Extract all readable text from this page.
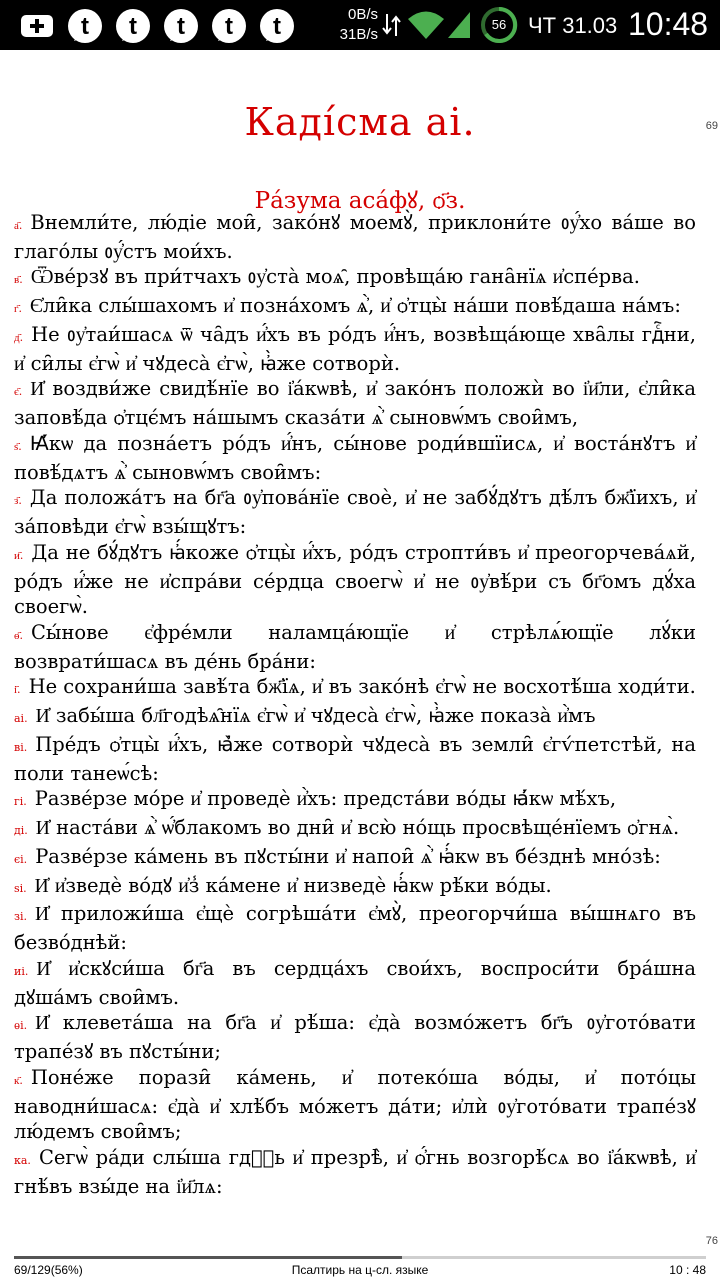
t t t t t	0B/s
31B/s
56 ЧТ 31.03 10:48
Каді́сма аі.	69
Ра́зума аса́фꙋ, ѻ҃з.

а҃. Внемли́те, лю́діе мои̑, зако́нꙋ моемꙋ̀, приклони́те ᲂу҆́хо ва́ше во глаго́лы ᲂу҆́стъ мои́хъ.

в҃. Ѿве́рзꙋ въ при́тчахъ ᲂу҆ста̀ моѧ̑, провѣща́ю гана̑нїѧ и҆спе́рва.

г҃. Є҆ли̑ка слы́шахомъ и҆ позна́хомъ ѧ҆̀, и҆ ѻ҆тцы̀ на́ши повѣ́даша на́мъ:

д҃. Не ᲂу҆таи́шасѧ ѿ ча̑дъ и҆́хъ въ ро́дъ и҆́нъ, возвѣща́юще хва̑лы гдⷭ҇ни, и҆ си̑лы є҆гѡ̀ и҆ чꙋдеса̀ є҆гѡ̀, ꙗ҆̀же сотворѝ.

є҃. И҆ воздви́же свидѣ́нїе во і҆а́кѡвѣ, и҆ зако́нъ положѝ во і҆и҃ли, є҆ли̑ка заповѣ́да ѻ҆тцє́мъ на́шымъ сказа́ти ѧ҆̀ сыновѡ́мъ свои̑мъ,

ѕ҃. Ꙗ҆́кѡ да позна́етъ ро́дъ и҆́нъ, сы́нове роди́вшїисѧ, и҆ воста́нꙋтъ и҆ повѣ́дѧтъ ѧ҆̀ сыновѡ́мъ свои̑мъ:

з҃. Да положа́тъ на бг҃а ᲂу҆пова́нїе своѐ, и҆ не забꙋ́дꙋтъ дѣ́лъ бж҃їихъ, и҆ за́повѣди є҆гѡ̀ взы́щꙋтъ:

и҃. Да не бꙋ́дꙋтъ ꙗ҆́коже ѻ҆тцы̀ и҆́хъ, ро́дъ стропти́въ и҆ преогорчева́ѧй, ро́дъ и҆́же не и҆спра́ви се́рдца своегѡ̀ и҆ не ᲂу҆вѣ́ри съ бг҃омъ дꙋ́ха своегѡ̀.

ѳ҃. Сы́нове є҆фре́мли наламцáющїе и҆ стрѣлѧ́ющїе лꙋ́ки возврати́шасѧ въ де́нь бра́ни:

і҃. Не сохрани́ша завѣ́та бж҃їѧ, и҆ въ зако́нѣ є҆гѡ̀ не восхотѣ́ша ходи́ти.

аі. И҆ забы́ша бл҃годѣѧ̑нїѧ є҆гѡ̀ и҆ чꙋдеса̀ є҆гѡ̀, ꙗ҆̀же показа̀ и҆̀мъ

ві. Пре́дъ ѻ҆тцы̀ и҆́хъ, ꙗ҆̀же сотворѝ чꙋдеса̀ въ земли̑ є҆гѵ́петстѣй, на поли танеѡ́сѣ:

гі. Разве́рзе мо́ре и҆ проведѐ и҆̀хъ: предста́ви во́ды ꙗ҆́кѡ мѣ́хъ,

ді. И҆ наста́ви ѧ҆̀ ѡ҆́блакомъ во дни̑ и҆ всю̀ но́щь просвѣще́нїемъ ѻ҆гнѧ̀.

єі. Разве́рзе ка́мень въ пꙋсты́ни и҆ напои̑ ѧ҆̀ ꙗ҆́кѡ въ бе́зднѣ мно́зѣ:

ѕі. И҆ и҆зведѐ во́дꙋ и҆з̾ ка́мене и҆ низведѐ ꙗ҆́кѡ рѣ́ки во́ды.

зі. И҆ приложи́ша є҆щѐ согрѣша́ти є҆мꙋ̀, преогорчи́ша вы́шнѧго въ безво́днѣй:

иі. И҆ и҆скꙋси́ша бг҃а въ сердца́хъ свои́хъ, воспроси́ти бра́шна дꙋша́мъ свои̑мъ.

ѳі. И҆ клевета́ша на бг҃а и҆ рѣ́ша: є҆да̀ возмо́жетъ бг҃ъ ᲂу҆гото́вати трапе́зꙋ въ пꙋсты́ни;

к҃. Поне́же порази̑ ка́мень, и҆ потеко́ша во́ды, и҆ пото́цы наводни́шасѧ: є҆да̀ и҆ хлѣ́бъ мо́жетъ да́ти; и҆лѝ ᲂу҆гото́вати трапе́зꙋ лю́демъ свои̑мъ;

ка. Сегѡ̀ ра́ди слы́ша гдⷭ҇ь и҆ презрѣ̀, и҆ ѻ҆́гнь возгорѣ́сѧ во і҆а́кѡвѣ, и҆ гнѣ́въ взы́де на і҆и҃лѧ:

76
69/129(56%)	Псалтирь на ц-сл. языке	10 : 48
